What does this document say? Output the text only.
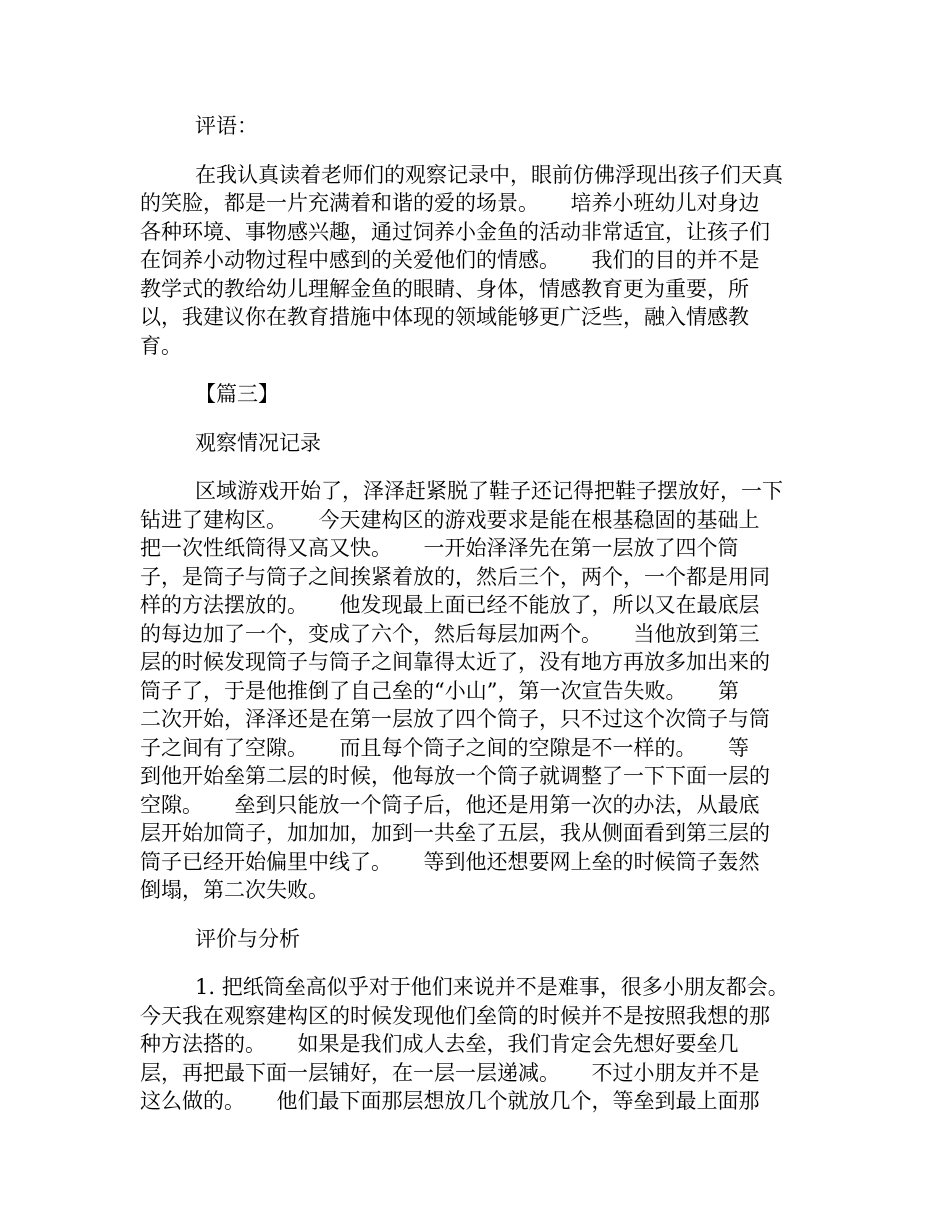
评语：
在我认真读着老师们的观察记录中，眼前仿佛浮现出孩子们天真
的笑脸，都是一片充满着和谐的爱的场景。　　培养小班幼儿对身边
各种环境、事物感兴趣，通过饲养小金鱼的活动非常适宜，让孩子们
在饲养小动物过程中感到的关爱他们的情感。　　我们的目的并不是
教学式的教给幼儿理解金鱼的眼睛、身体，情感教育更为重要，所
以，我建议你在教育措施中体现的领域能够更广泛些，融入情感教
育。
【篇三】
观察情况记录
区域游戏开始了，泽泽赶紧脱了鞋子还记得把鞋子摆放好，一下
钻进了建构区。　　今天建构区的游戏要求是能在根基稳固的基础上
把一次性纸筒得又高又快。　　一开始泽泽先在第一层放了四个筒
子，是筒子与筒子之间挨紧着放的，然后三个，两个，一个都是用同
样的方法摆放的。　　他发现最上面已经不能放了，所以又在最底层
的每边加了一个，变成了六个，然后每层加两个。　　当他放到第三
层的时候发现筒子与筒子之间靠得太近了，没有地方再放多加出来的
筒子了，于是他推倒了自己垒的“小山”，第一次宣告失败。　　第
二次开始，泽泽还是在第一层放了四个筒子，只不过这个次筒子与筒
子之间有了空隙。　　而且每个筒子之间的空隙是不一样的。　　等
到他开始垒第二层的时候，他每放一个筒子就调整了一下下面一层的
空隙。　　垒到只能放一个筒子后，他还是用第一次的办法，从最底
层开始加筒子，加加加，加到一共垒了五层，我从侧面看到第三层的
筒子已经开始偏里中线了。　　等到他还想要网上垒的时候筒子轰然
倒塌，第二次失败。
评价与分析
1. 把纸筒垒高似乎对于他们来说并不是难事，很多小朋友都会。
今天我在观察建构区的时候发现他们垒筒的时候并不是按照我想的那
种方法搭的。　　如果是我们成人去垒，我们肯定会先想好要垒几
层，再把最下面一层铺好，在一层一层递减。　　不过小朋友并不是
这么做的。　　他们最下面那层想放几个就放几个，等垒到最上面那
